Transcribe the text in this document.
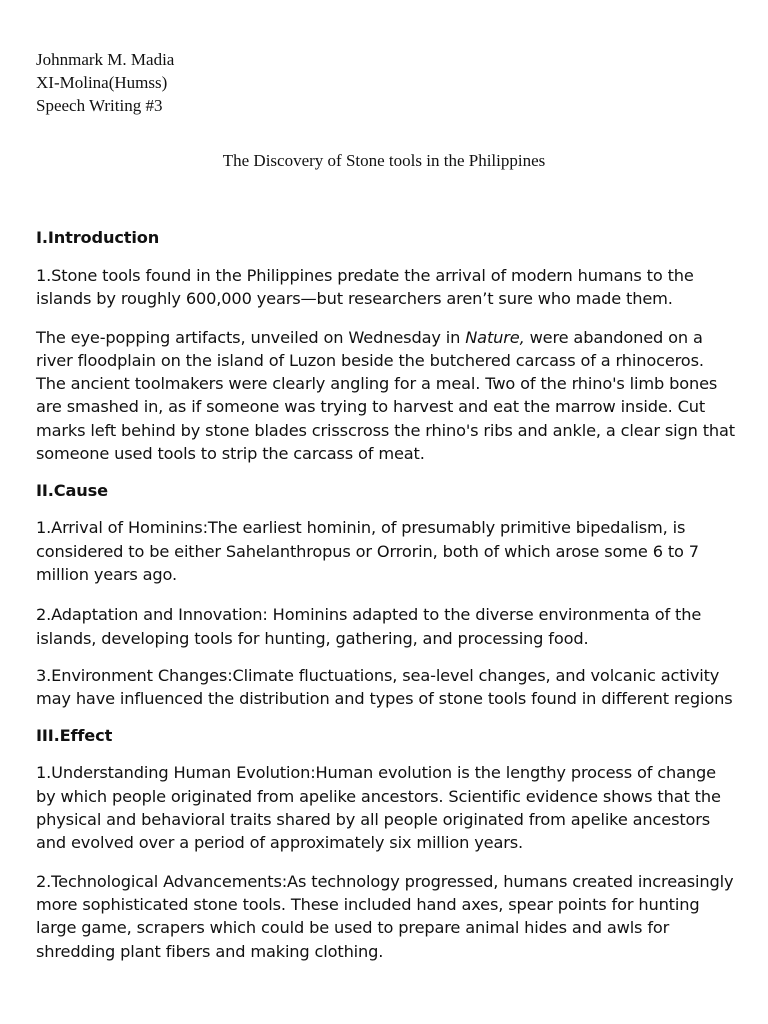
Johnmark M. Madia
XI-Molina(Humss)
Speech Writing #3
The Discovery of Stone tools in the Philippines
I.Introduction

1.Stone tools found in the Philippines predate the arrival of modern humans to the islands by roughly 600,000 years—but researchers aren’t sure who made them.

The eye-popping artifacts, unveiled on Wednesday in Nature, were abandoned on a river floodplain on the island of Luzon beside the butchered carcass of a rhinoceros. The ancient toolmakers were clearly angling for a meal. Two of the rhino's limb bones are smashed in, as if someone was trying to harvest and eat the marrow inside. Cut marks left behind by stone blades crisscross the rhino's ribs and ankle, a clear sign that someone used tools to strip the carcass of meat.

II.Cause

1.Arrival of Hominins:The earliest hominin, of presumably primitive bipedalism, is considered to be either Sahelanthropus or Orrorin, both of which arose some 6 to 7 million years ago.

2.Adaptation and Innovation: Hominins adapted to the diverse environmenta of the islands, developing tools for hunting, gathering, and processing food.

3.Environment Changes:Climate fluctuations, sea-level changes, and volcanic activity may have influenced the distribution and types of stone tools found in different regions

III.Effect

1.Understanding Human Evolution:Human evolution is the lengthy process of change by which people originated from apelike ancestors. Scientific evidence shows that the physical and behavioral traits shared by all people originated from apelike ancestors and evolved over a period of approximately six million years.

2.Technological Advancements:As technology progressed, humans created increasingly more sophisticated stone tools. These included hand axes, spear points for hunting large game, scrapers which could be used to prepare animal hides and awls for shredding plant fibers and making clothing.
